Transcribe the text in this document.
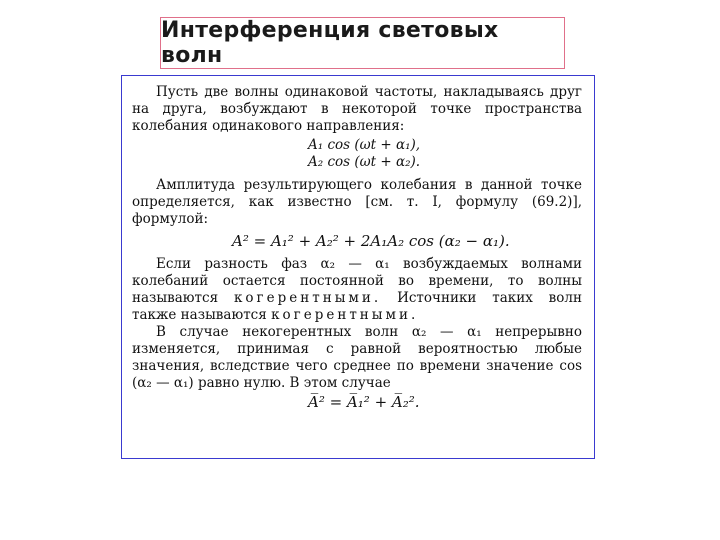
Интерференция световых волн

Пусть две волны одинаковой частоты, накладываясь друг на друга, возбуждают в некоторой точке пространства колебания одинакового направления:

A₁ cos (ωt + α₁),

A₂ cos (ωt + α₂).

Амплитуда результирующего колебания в данной точке определяется, как известно [см. т. I, формулу (69.2)], формулой:

A² = A₁² + A₂² + 2A₁A₂ cos (α₂ − α₁).

Если разность фаз α₂ — α₁ возбуждаемых волнами колебаний остается постоянной во времени, то волны называются когерентными. Источники таких волн также называются когерентными.

В случае некогерентных волн α₂ — α₁ непрерывно изменяется, принимая с равной вероятностью любые значения, вследствие чего среднее по времени значение cos (α₂ — α₁) равно нулю. В этом случае

A̅² = A̅₁² + A̅₂².
